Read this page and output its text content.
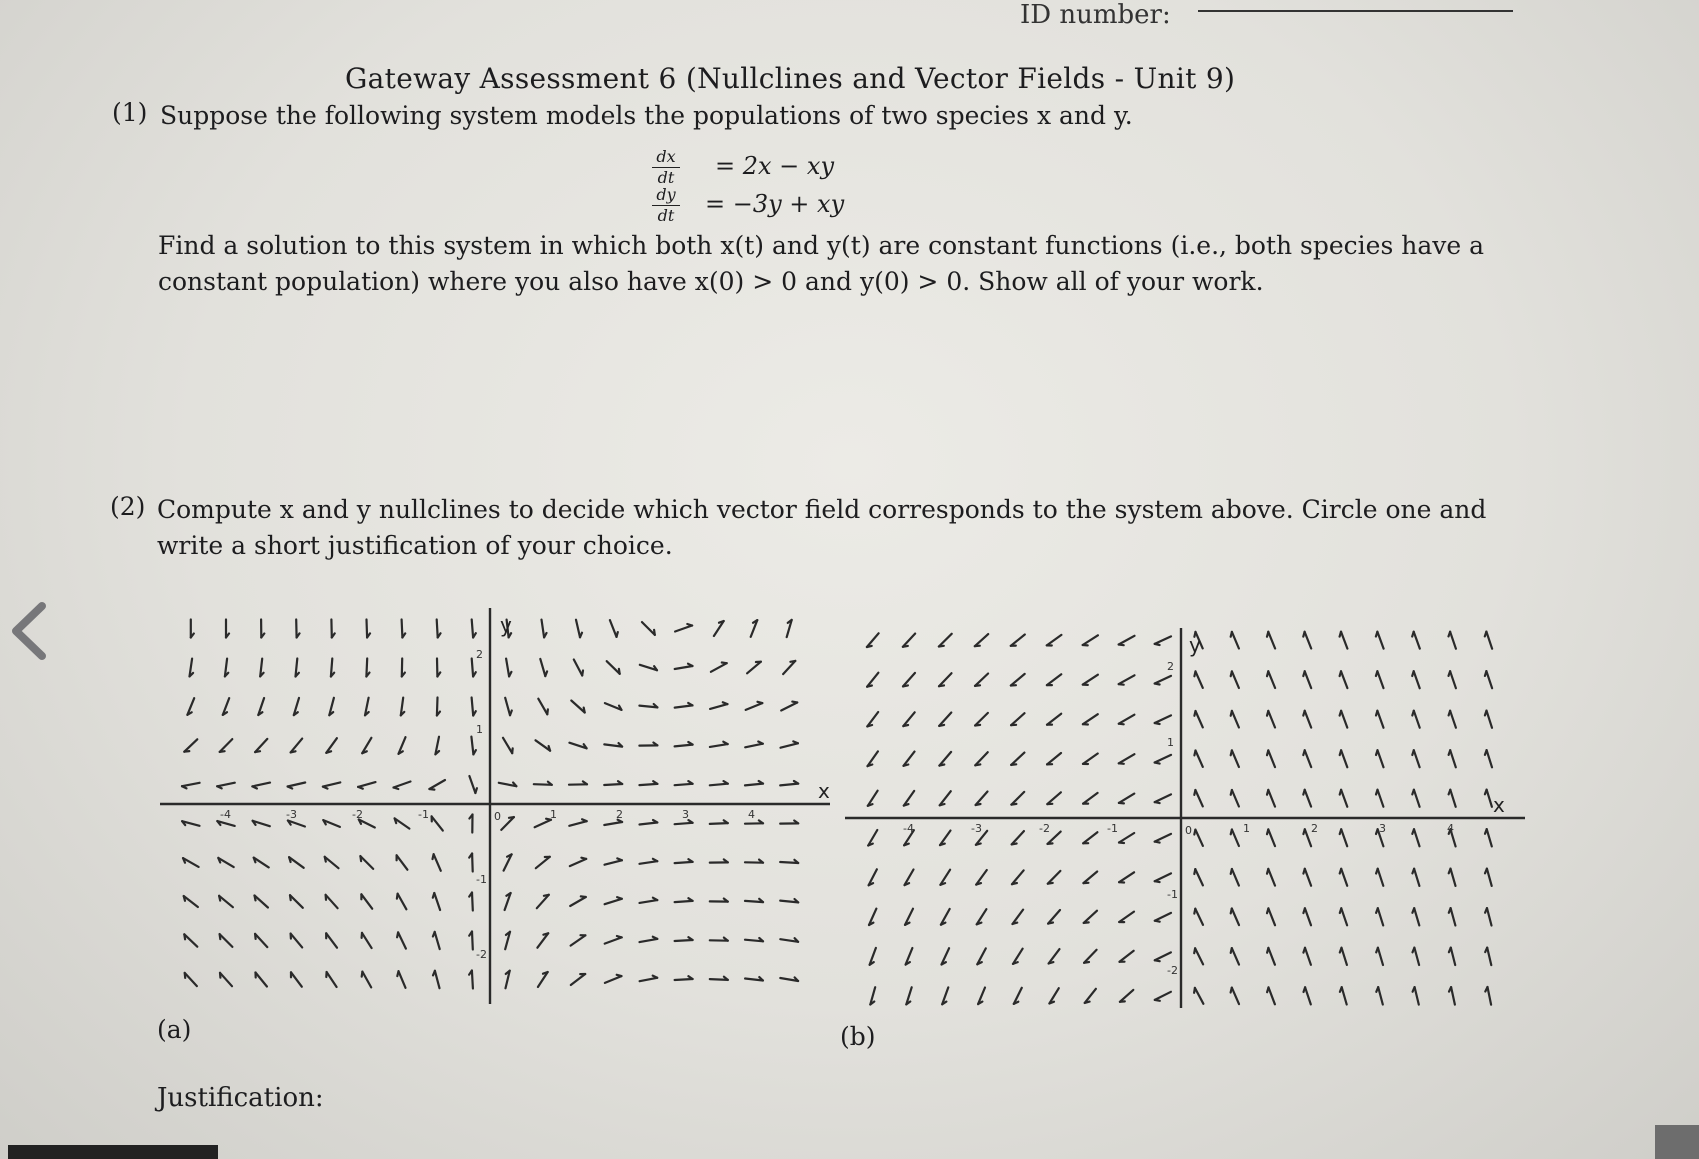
ID number:
Gateway Assessment 6 (Nullclines and Vector Fields - Unit 9)
(1) Suppose the following system models the populations of two species x and y.
dx
dt = 2x − xy
dy
dt = −3y + xy
Find a solution to this system in which both x(t) and y(t) are constant functions (i.e., both species have a
constant population) where you also have x(0) > 0 and y(0) > 0. Show all of your work.
(2) Compute x and y nullclines to decide which vector field corresponds to the system above. Circle one and
write a short justification of your choice.
-4	-3	-2	-1	0	1	2	3	4
2
1
-1
-2
x
y
(a)
-4	-3	-2	-1	0	1	2	3	4
2
1
-1
-2
x
y
(b)
Justification:
